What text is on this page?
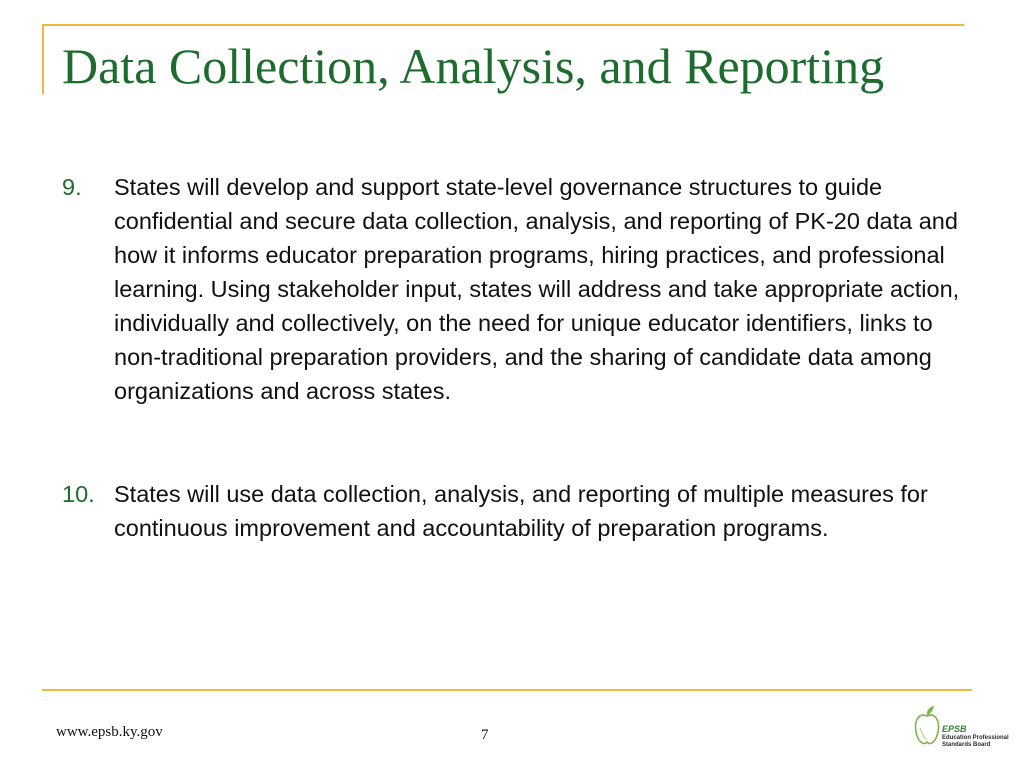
Data Collection, Analysis, and Reporting
9. States will develop and support state-level governance structures to guide confidential and secure data collection, analysis, and reporting of PK-20 data and how it informs educator preparation programs, hiring practices, and professional learning. Using stakeholder input, states will address and take appropriate action, individually and collectively, on the need for unique educator identifiers, links to non-traditional preparation providers, and the sharing of candidate data among organizations and across states.
10. States will use data collection, analysis, and reporting of multiple measures for continuous improvement and accountability of preparation programs.
www.epsb.ky.gov	7	EPSB
Education Professional
Standards Board
